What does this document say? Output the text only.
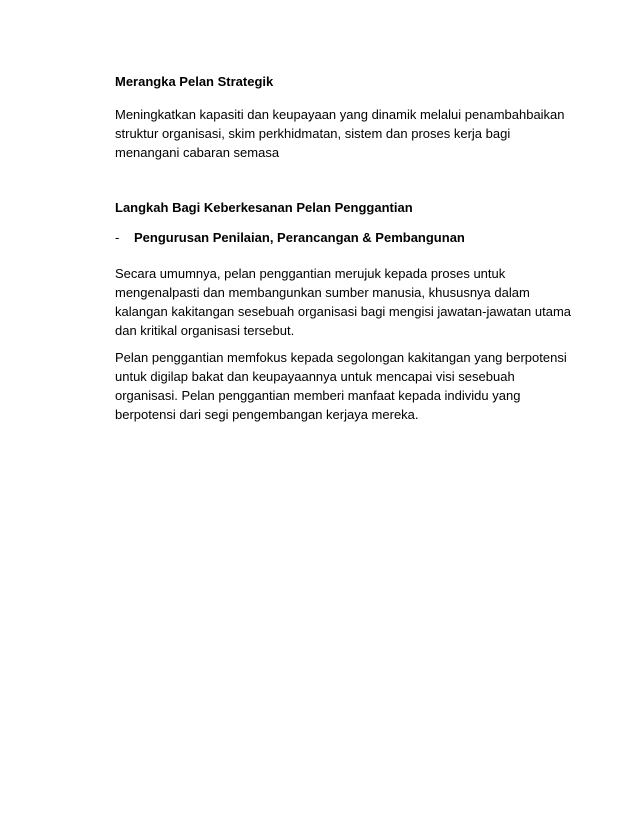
Merangka Pelan Strategik

Meningkatkan kapasiti dan keupayaan yang dinamik melalui penambahbaikan struktur organisasi, skim perkhidmatan, sistem dan proses kerja bagi menangani cabaran semasa

Langkah Bagi Keberkesanan Pelan Penggantian

-	Pengurusan Penilaian, Perancangan & Pembangunan

Secara umumnya, pelan penggantian merujuk kepada proses untuk mengenalpasti dan membangunkan sumber manusia, khususnya dalam kalangan kakitangan sesebuah organisasi bagi mengisi jawatan-jawatan utama dan kritikal organisasi tersebut.

Pelan penggantian memfokus kepada segolongan kakitangan yang berpotensi untuk digilap bakat dan keupayaannya untuk mencapai visi sesebuah organisasi. Pelan penggantian memberi manfaat kepada individu yang berpotensi dari segi pengembangan kerjaya mereka.
